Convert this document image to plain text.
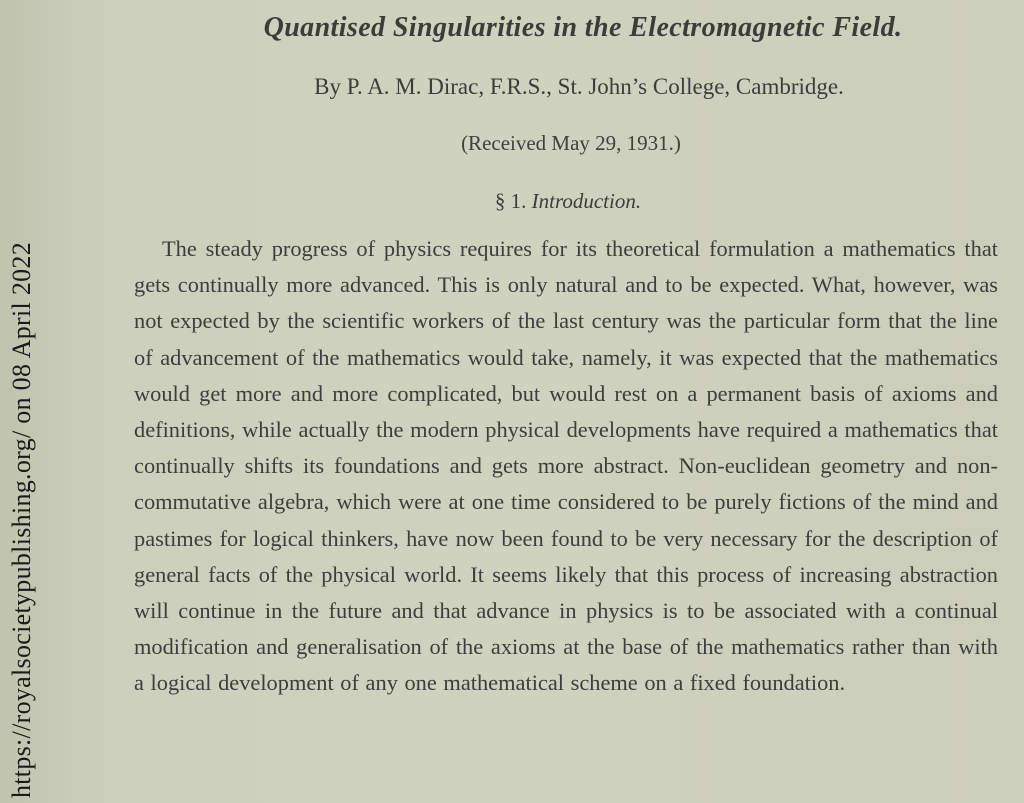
https://royalsocietypublishing.org/ on 08 April 2022
Quantised Singularities in the Electromagnetic Field.
By P. A. M. Dirac, F.R.S., St. John’s College, Cambridge.
(Received May 29, 1931.)
§ 1. Introduction.

The steady progress of physics requires for its theoretical formulation a mathematics that gets continually more advanced. This is only natural and to be expected. What, however, was not expected by the scientific workers of the last century was the particular form that the line of advancement of the mathematics would take, namely, it was expected that the mathematics would get more and more complicated, but would rest on a permanent basis of axioms and definitions, while actually the modern physical developments have required a mathematics that continually shifts its foundations and gets more abstract. Non-euclidean geometry and non-commutative algebra, which were at one time considered to be purely fictions of the mind and pastimes for logical thinkers, have now been found to be very necessary for the description of general facts of the physical world. It seems likely that this process of increasing abstraction will continue in the future and that advance in physics is to be associated with a continual modification and generalisation of the axioms at the base of the mathematics rather than with a logical development of any one mathematical scheme on a fixed foundation.
